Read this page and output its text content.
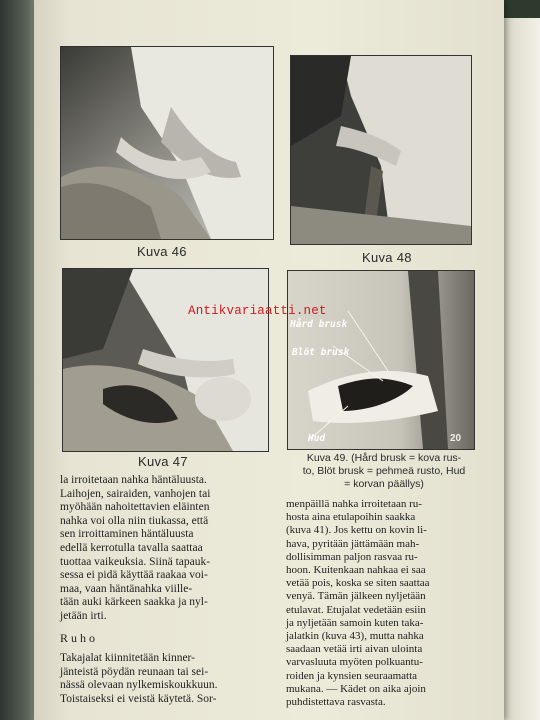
Hård brusk
Blöt brusk
Hud	20
Kuva 46	Kuva 48
Kuva 47	Kuva 49. (Hård brusk = kova rus-
to, Blöt brusk = pehmeä rusto, Hud
= korvan päällys)
Antikvariaatti.net
la irroitetaan nahka häntäluusta.
Laihojen, sairaiden, vanhojen tai
myöhään nahoitettavien eläinten
nahka voi olla niin tiukassa, että
sen irroittaminen häntäluusta
edellä kerrotulla tavalla saattaa
tuottaa vaikeuksia. Siinä tapauk-
sessa ei pidä käyttää raakaa voi-
maa, vaan häntänahka viille-
tään auki kärkeen saakka ja nyl-
jetään irti.
Ruho
Takajalat kiinnitetään kinner-
jänteistä pöydän reunaan tai sei-
nässä olevaan nylkemiskoukkuun.
Toistaiseksi ei veistä käytetä. Sor-
menpäillä nahka irroitetaan ru-
hosta aina etulapoihin saakka
(kuva 41). Jos kettu on kovin li-
hava, pyritään jättämään mah-
dollisimman paljon rasvaa ru-
hoon. Kuitenkaan nahkaa ei saa
vetää pois, koska se siten saattaa
venyä. Tämän jälkeen nyljetään
etulavat. Etujalat vedetään esiin
ja nyljetään samoin kuten taka-
jalatkin (kuva 43), mutta nahka
saadaan vetää irti aivan ulointa
varvasluuta myöten polkuantu-
roiden ja kynsien seuraamatta
mukana. — Kädet on aika ajoin
puhdistettava rasvasta.
